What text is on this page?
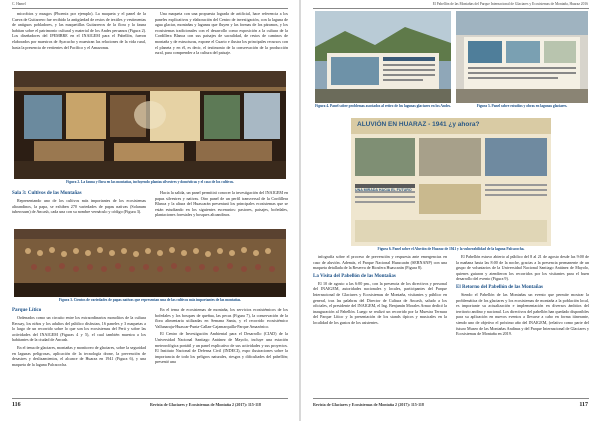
C. Hamel

microbios y musgos (Phoenix por ejemplo). La maqueta y el panel de la Cueva de Guitarrero fue recibido la antigüedad de restos de textiles y vestimentas de antiguos pobladores, y las maquetillas Guitarreros de la flora y la fauna habitan sobre el patrimonio cultural y material de los Andes peruanos (Figura 2). Los diseñadores del IPEMBRE en el INAIGEM para el Pabellón, fueron elaborados por maestros de Ayacucho y muestran las relaciones de la vida rural, hasta la presencia de vertientes del Pacífico y el Amazonas.

Una maqueta con una propuesta lograda de artificial, hace referencia a los paneles explicativos y elaboración del Centro de investigación, con la laguna de agua glaciar, montañas y lagunas que fluyen y las formas de los páramos, y los ecosistemas tradicionales con el desarrollo como exposición a la cultura de la Cordillera Blanca con sus paisajes de sacralidad, de restos de caminos de montaña y de estructuras, expone el Cuarto e ilustra los principales recursos con el planeta y en él, es decir, el testimonio de la conservación de la producción rural, para comprender a la cultura del paisaje.

Figura 2. La fauna y flora en las montañas, incluyendo plantas silvestres y domésticas y el caso de los cultivos.
Sala 3: Cultivos de las Montañas

Representando uno de los cultivos más importantes de los ecosistemas altoandinos, la papa, se exhiben 270 variedades de papas nativas (Solanum tuberosum) de Ancash, cada una con su nombre vernáculo y código (Figura 3).

Hacia la salida, un panel permitirá conocer la investigación del INAIGEM en papas silvestres y nativas. Otro panel de un perfil transversal de la Cordillera Blanca y la altura del Huascarán presentará los principales ecosistemas que se están estudiando en los siguientes escenarios: pastores, paisajes, bofedales, plantaciones forestales y bosques altoandinos.

Figura 3. Cientos de variedades de papas nativas que representan una de las cultivos más importantes de las montañas.
Parque Lítico

Ordenados como un circuito entre los extraordinarios monolitos de la cultura Recuay, los niños y los adultos del público disfrutan, 16 paneles y 3 maquetas a lo largo de un recorrido sobre lo que son los ecosistemas del Perú y sobre las actividades del INAIGEM (Figuras 4 y 5), el cual también muestra a los habitantes de la ciudad de Ancash.

En el tema de glaciares, montañas y monitoreo de glaciares, sobre la seguridad en lagunas peligrosas, aplicación de la tecnología drone, la prevención de desastres y deslizamientos, el alcance de Huaraz en 1941 (Figura 6), y una maqueta de la laguna Palcacocha.

En el tema de ecosistemas de montaña, los servicios ecosistémicos de los bofedales y los bosques de queñua, las pecas (Figura 7), la conservación de la flora alimentaria utilizadas en Semana Santa, y el recorrido ecosistémico Vallunaraju-Huascar-Punta-Callan-Cajamarquilla-Parque Amazónico.

El Centro de Investigación Ambiental para el Desarrollo (CIAD) de la Universidad Nacional Santiago Antúnez de Mayolo, incluye una estación meteorológica portátil y un panel explicativo de sus actividades y sus proyectos. El Instituto Nacional de Defensa Civil (INDECI), expo ilustraciones sobre la importancia de todo los peligros naturales, riesgos y dificultades del pabellón; presentó una

116	Revista de Glaciares y Ecosistemas de Montaña 2 (2017): 115-118
El Pabellón de las Montañas del Parque Internacional de Glaciares y Ecosistemas de Montaña, Huaraz 2016
Figura 4. Panel sobre problemas asociados al retiro de los lagunas glaciares en los Andes.	Figura 5. Panel sobre estudios y obras en lagunas glaciares.
ALUVIÓN EN HUARAZ - 1941 ¿y ahora?
UNA MIRADA HACIA EL FUTURO
Figura 6. Panel sobre el Aluvión de Huaraz de 1941 y la vulnerabilidad de la laguna Palcacocha.

infografía sobre el proceso de prevención y respuesta ante emergencias en caso de aluvión. Además, el Parque Nacional Huascarán (SERNANP) con una maqueta detallada de la Reserva de Biosfera Huascarán (Figura 8).

La Visita del Pabellón de las Montañas

El 10 de agosto a las 6:00 pm., con la presencia de los directivos y personal del INAIGEM, autoridades nacionales y locales, participantes del Parque Internacional de Glaciares y Ecosistemas de Montaña, visitantes y público en general, tras las palabras del Director de Cultura de Ancash, saludo a los oficiales, el presidente del INAIGEM, el Ing. Benjamín Morales Arnao dedicó la inauguración al Pabellón. Luego se realizó un recorrido por la Muestra Ternura del Parque Lítico y la presentación de los stands típicos y musicales en la localidad de los gustos de los asistentes.

El Pabellón estuvo abierto al público del 8 al 21 de agosto desde las 9:00 de la mañana hasta las 8:00 de la noche, gracias a la presencia permanente de un grupo de voluntarios de la Universidad Nacional Santiago Antúnez de Mayolo, quienes guiaron y atendieron los recorridos por los visitantes para el buen desarrollo del evento (Figura 9).

El Retorno del Pabellón de las Montañas

Siendo el Pabellón de las Montañas un evento que permite mostrar la problemática de los glaciares y los ecosistemas de montaña a la población local, es importante su actualización e implementación en diversos ámbitos del territorio andino y nacional. Los directivos del pabellón han quedado disponibles para su aplicación en nuevos eventos a llevarse a cabo en forma itinerante, siendo uno de objetivo el próximo año del INAIGEM, (relativo como parte del futuro Museo de las Montañas Andinas y del Parque Internacional de Glaciares y Ecosistemas de Montaña en 2019.

Revista de Glaciares y Ecosistemas de Montaña 2 (2017): 115-118	117
